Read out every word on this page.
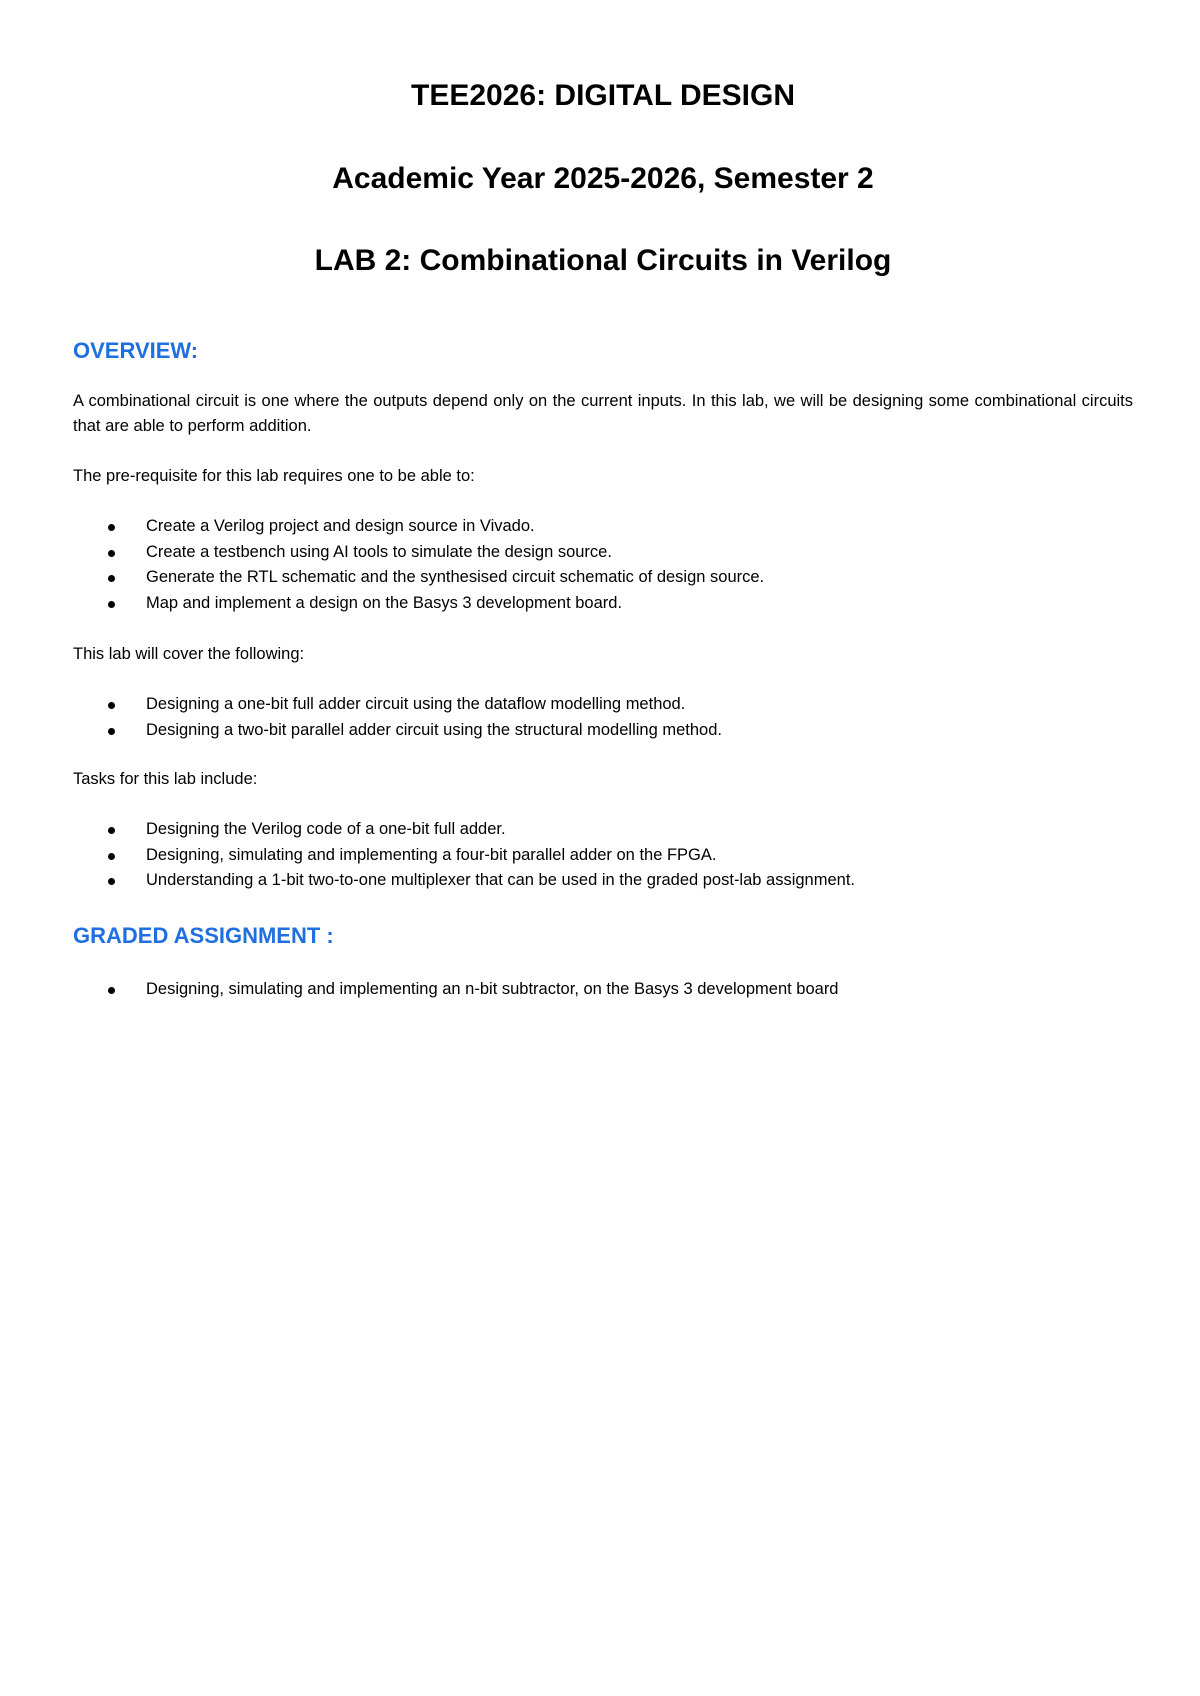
TEE2026: DIGITAL DESIGN
Academic Year 2025-2026, Semester 2
LAB 2: Combinational Circuits in Verilog
OVERVIEW:

A combinational circuit is one where the outputs depend only on the current inputs. In this lab, we will be designing some combinational circuits that are able to perform addition.

The pre-requisite for this lab requires one to be able to:

Create a Verilog project and design source in Vivado.
Create a testbench using AI tools to simulate the design source.
Generate the RTL schematic and the synthesised circuit schematic of design source.
Map and implement a design on the Basys 3 development board.

This lab will cover the following:

Designing a one-bit full adder circuit using the dataflow modelling method.
Designing a two-bit parallel adder circuit using the structural modelling method.

Tasks for this lab include:

Designing the Verilog code of a one-bit full adder.
Designing, simulating and implementing a four-bit parallel adder on the FPGA.
Understanding a 1-bit two-to-one multiplexer that can be used in the graded post-lab assignment.
GRADED ASSIGNMENT :
Designing, simulating and implementing an n-bit subtractor, on the Basys 3 development board
